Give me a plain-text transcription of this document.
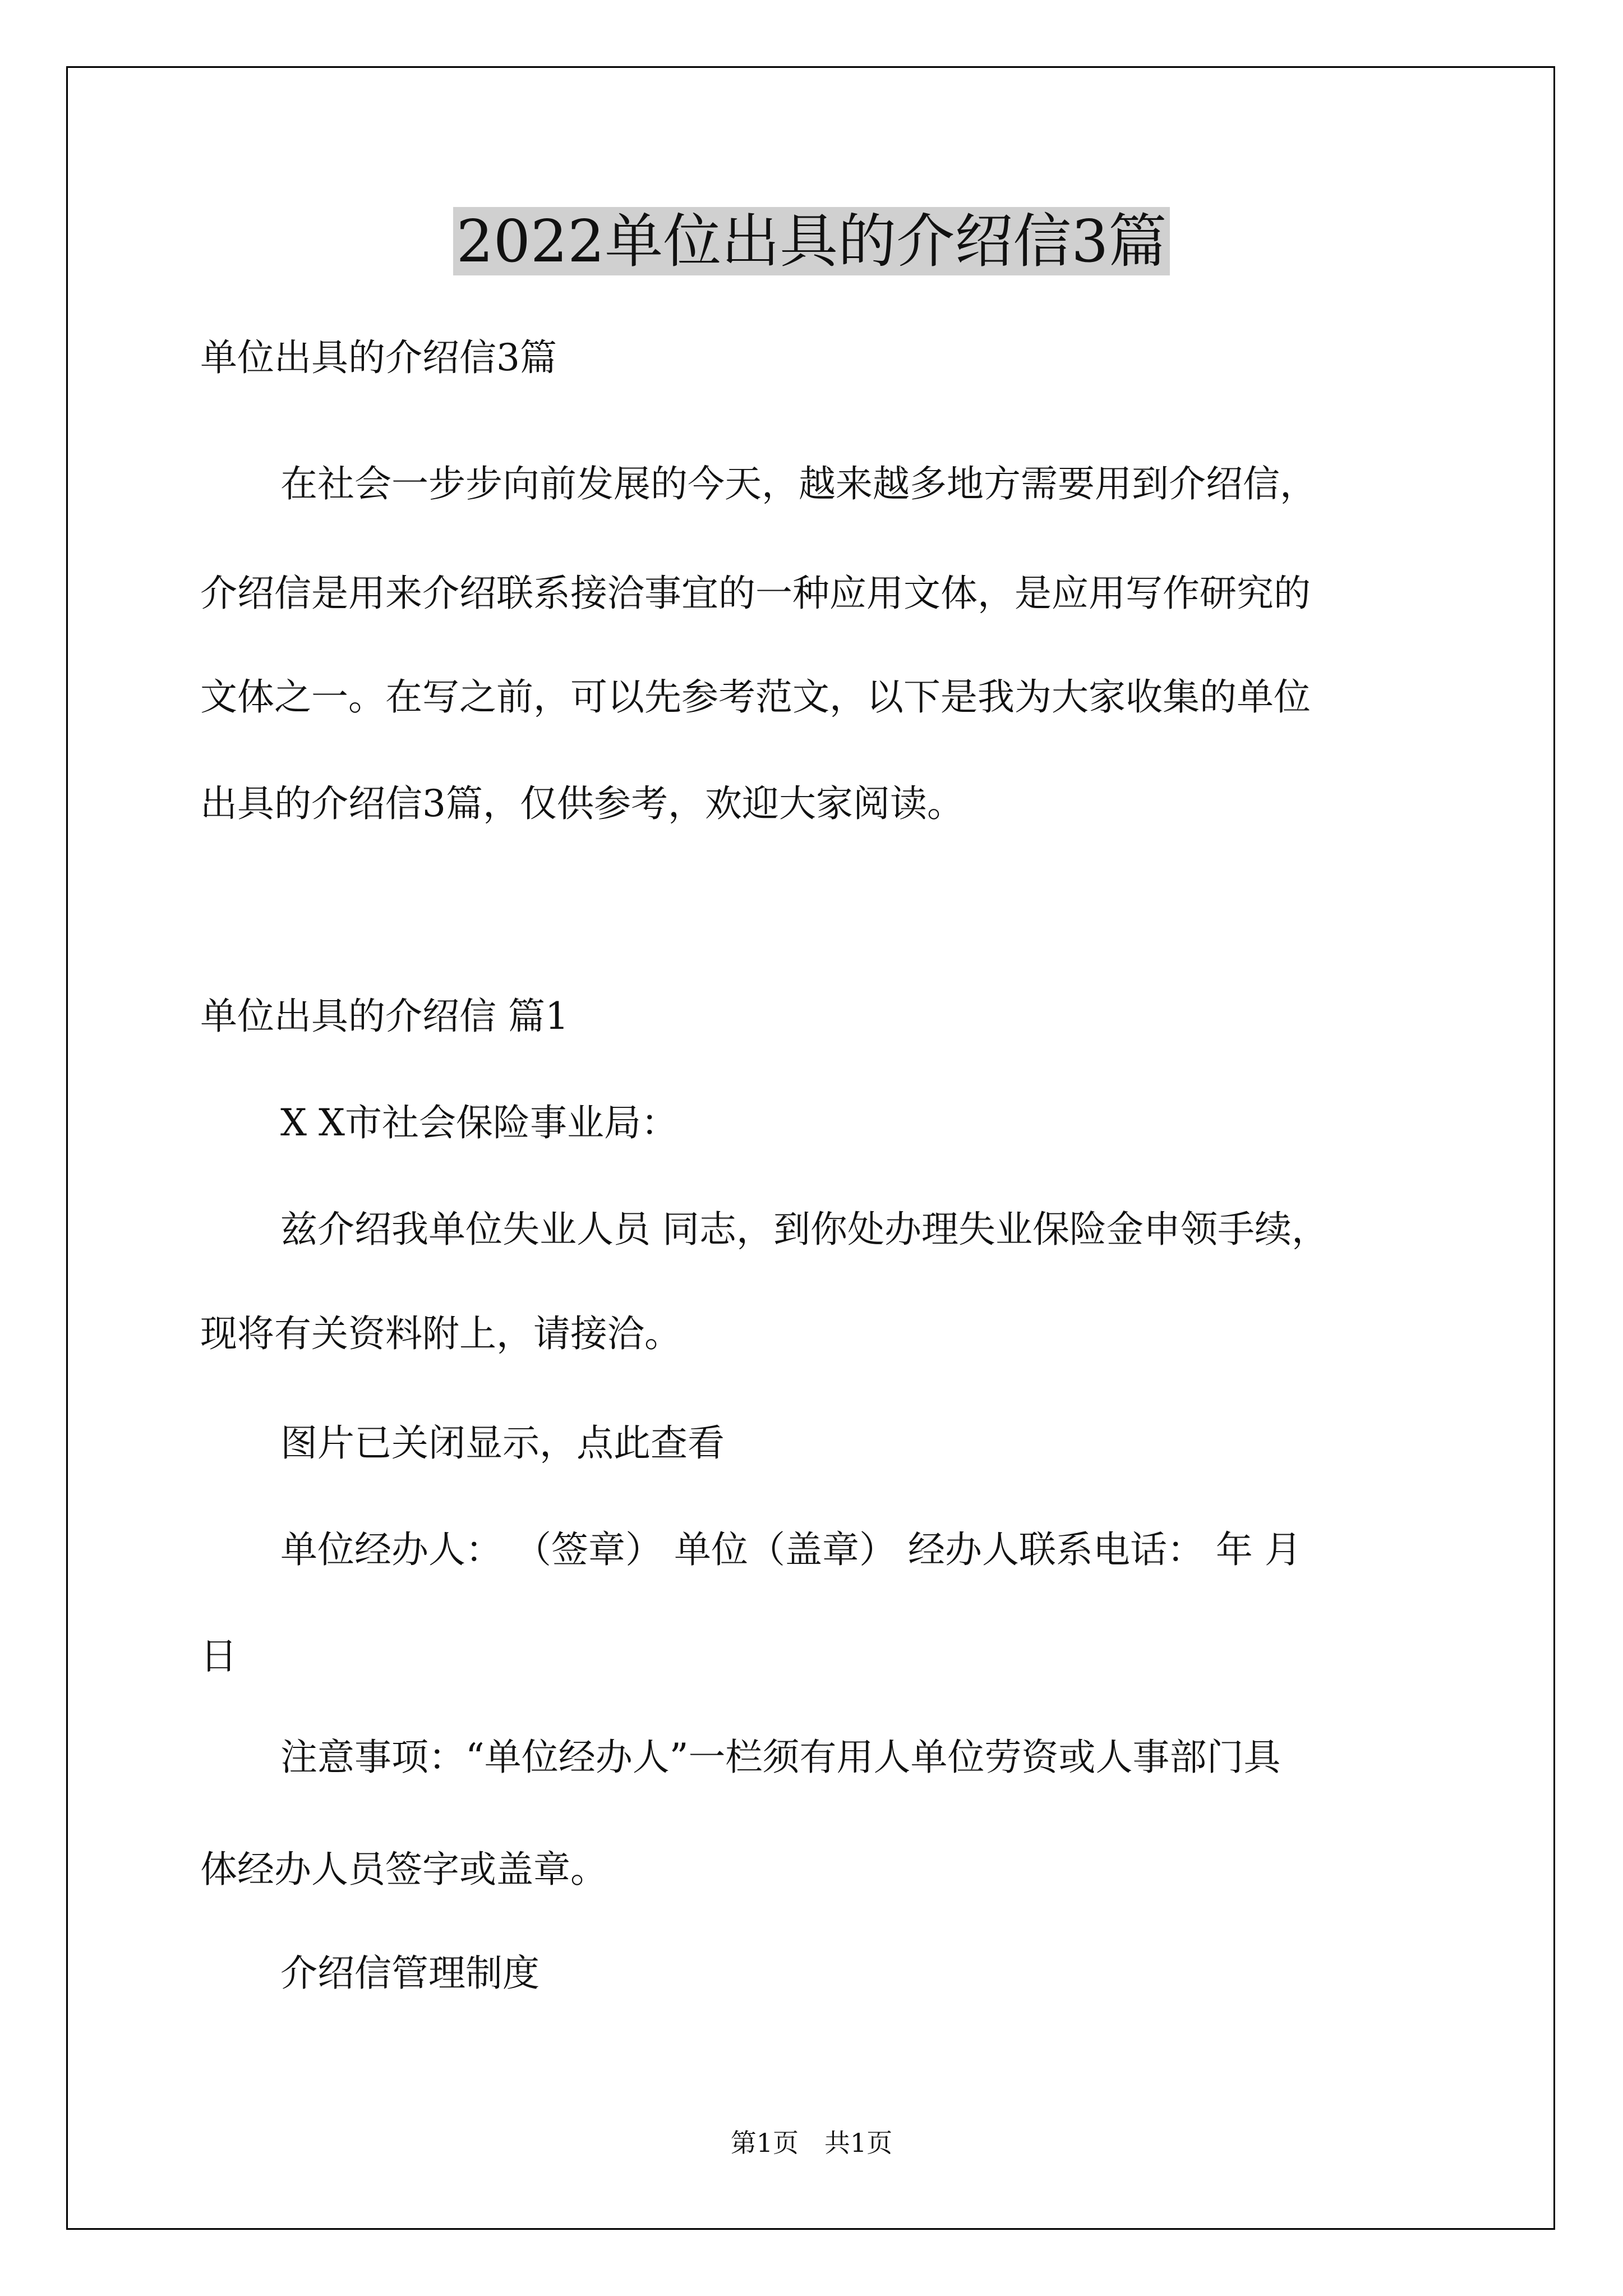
2022单位出具的介绍信3篇

单位出具的介绍信3篇

在社会一步步向前发展的今天，越来越多地方需要用到介绍信，

介绍信是用来介绍联系接洽事宜的一种应用文体，是应用写作研究的

文体之一。在写之前，可以先参考范文，以下是我为大家收集的单位

出具的介绍信3篇，仅供参考，欢迎大家阅读。

单位出具的介绍信 篇1

X X市社会保险事业局：

兹介绍我单位失业人员 同志，到你处办理失业保险金申领手续，

现将有关资料附上，请接洽。

图片已关闭显示，点此查看

单位经办人： （签章） 单位（盖章） 经办人联系电话： 年 月

日

注意事项：“单位经办人”一栏须有用人单位劳资或人事部门具

体经办人员签字或盖章。

介绍信管理制度

第1页　共1页
